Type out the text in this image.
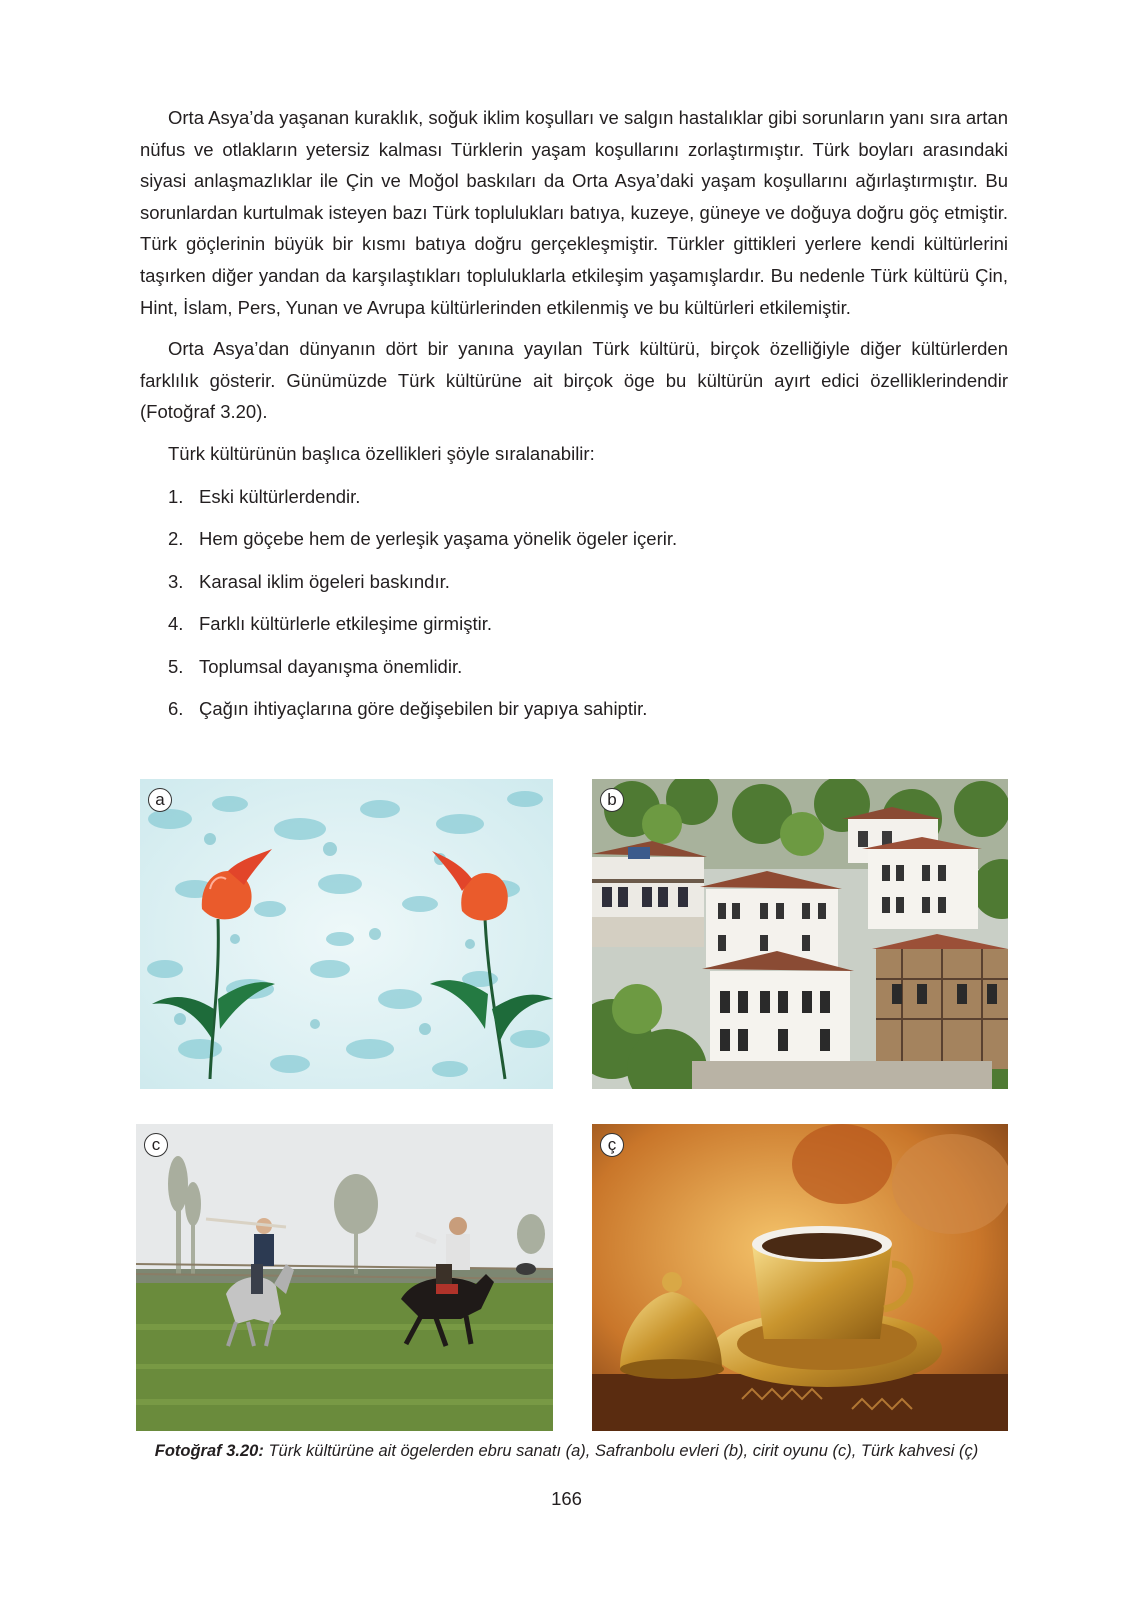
Orta Asya’da yaşanan kuraklık, soğuk iklim koşulları ve salgın hastalıklar gibi sorunların yanı sıra artan nüfus ve otlakların yetersiz kalması Türklerin yaşam koşullarını zorlaştırmıştır. Türk boyları arasındaki siyasi anlaşmazlıklar ile Çin ve Moğol baskıları da Orta Asya’daki yaşam koşullarını ağırlaştırmıştır. Bu sorunlardan kurtulmak isteyen bazı Türk toplulukları batıya, kuzeye, güneye ve doğuya doğru göç etmiştir. Türk göçlerinin büyük bir kısmı batıya doğru gerçekleşmiştir. Türkler gittikleri yerlere kendi kültürlerini taşırken diğer yandan da karşılaştıkları topluluklarla etkileşim yaşamışlardır. Bu nedenle Türk kültürü Çin, Hint, İslam, Pers, Yunan ve Avrupa kültürlerinden etkilenmiş ve bu kültürleri etkilemiştir.

Orta Asya’dan dünyanın dört bir yanına yayılan Türk kültürü, birçok özelliğiyle diğer kültürlerden farklılık gösterir. Günümüzde Türk kültürüne ait birçok öge bu kültürün ayırt edici özelliklerindendir (Fotoğraf 3.20).

Türk kültürünün başlıca özellikleri şöyle sıralanabilir:

1. Eski kültürlerdendir.
2. Hem göçebe hem de yerleşik yaşama yönelik ögeler içerir.
3. Karasal iklim ögeleri baskındır.
4. Farklı kültürlerle etkileşime girmiştir.
5. Toplumsal dayanışma önemlidir.
6. Çağın ihtiyaçlarına göre değişebilen bir yapıya sahiptir.
a	b
c	ç
Fotoğraf 3.20: Türk kültürüne ait ögelerden ebru sanatı (a), Safranbolu evleri (b), cirit oyunu (c), Türk kahvesi (ç)
166
